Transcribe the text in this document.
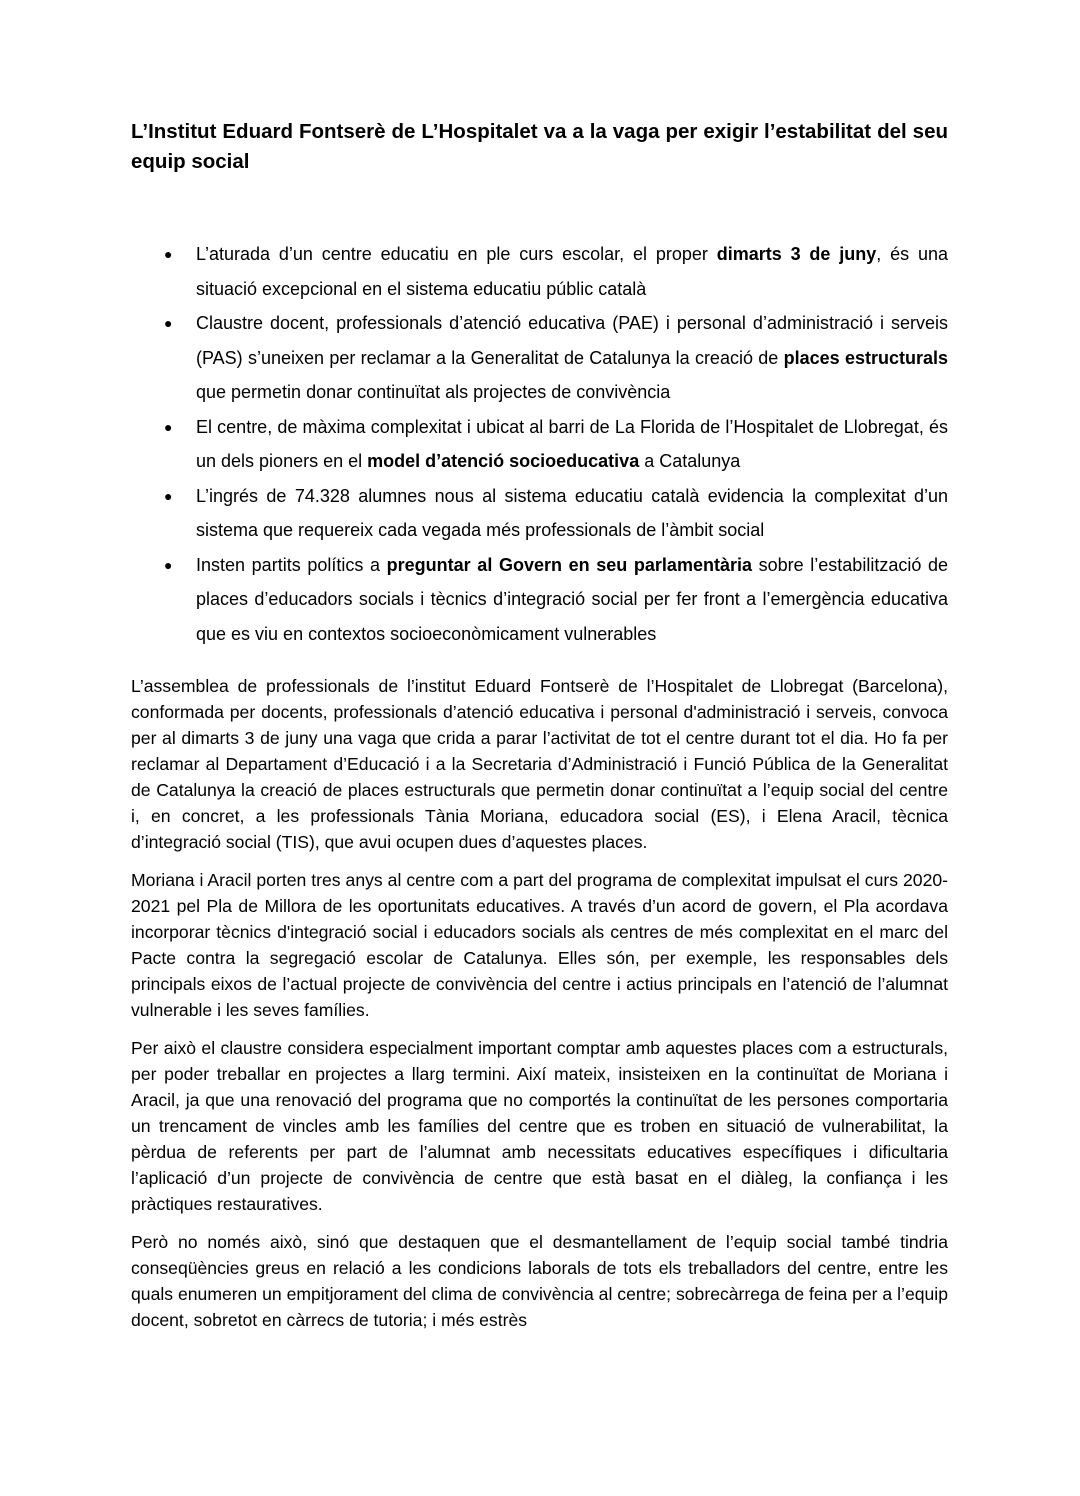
L’Institut Eduard Fontserè de L’Hospitalet va a la vaga per exigir l’estabilitat del seu equip social
● L’aturada d’un centre educatiu en ple curs escolar, el proper dimarts 3 de juny, és una situació excepcional en el sistema educatiu públic català
● Claustre docent, professionals d’atenció educativa (PAE) i personal d’administració i serveis (PAS) s’uneixen per reclamar a la Generalitat de Catalunya la creació de places estructurals que permetin donar continuïtat als projectes de convivència
● El centre, de màxima complexitat i ubicat al barri de La Florida de l’Hospitalet de Llobregat, és un dels pioners en el model d’atenció socioeducativa a Catalunya
● L’ingrés de 74.328 alumnes nous al sistema educatiu català evidencia la complexitat d’un sistema que requereix cada vegada més professionals de l’àmbit social
● Insten partits polítics a preguntar al Govern en seu parlamentària sobre l’estabilització de places d’educadors socials i tècnics d’integració social per fer front a l’emergència educativa que es viu en contextos socioeconòmicament vulnerables

L’assemblea de professionals de l’institut Eduard Fontserè de l’Hospitalet de Llobregat (Barcelona), conformada per docents, professionals d’atenció educativa i personal d'administració i serveis, convoca per al dimarts 3 de juny una vaga que crida a parar l’activitat de tot el centre durant tot el dia. Ho fa per reclamar al Departament d’Educació i a la Secretaria d’Administració i Funció Pública de la Generalitat de Catalunya la creació de places estructurals que permetin donar continuïtat a l’equip social del centre i, en concret, a les professionals Tània Moriana, educadora social (ES), i Elena Aracil, tècnica d’integració social (TIS), que avui ocupen dues d’aquestes places.

Moriana i Aracil porten tres anys al centre com a part del programa de complexitat impulsat el curs 2020-2021 pel Pla de Millora de les oportunitats educatives. A través d’un acord de govern, el Pla acordava incorporar tècnics d'integració social i educadors socials als centres de més complexitat en el marc del Pacte contra la segregació escolar de Catalunya. Elles són, per exemple, les responsables dels principals eixos de l’actual projecte de convivència del centre i actius principals en l’atenció de l’alumnat vulnerable i les seves famílies.

Per això el claustre considera especialment important comptar amb aquestes places com a estructurals, per poder treballar en projectes a llarg termini. Així mateix, insisteixen en la continuïtat de Moriana i Aracil, ja que una renovació del programa que no comportés la continuïtat de les persones comportaria un trencament de vincles amb les famílies del centre que es troben en situació de vulnerabilitat, la pèrdua de referents per part de l’alumnat amb necessitats educatives específiques i dificultaria l’aplicació d’un projecte de convivència de centre que està basat en el diàleg, la confiança i les pràctiques restauratives.

Però no només això, sinó que destaquen que el desmantellament de l’equip social també tindria conseqüències greus en relació a les condicions laborals de tots els treballadors del centre, entre les quals enumeren un empitjorament del clima de convivència al centre; sobrecàrrega de feina per a l’equip docent, sobretot en càrrecs de tutoria; i més estrès
